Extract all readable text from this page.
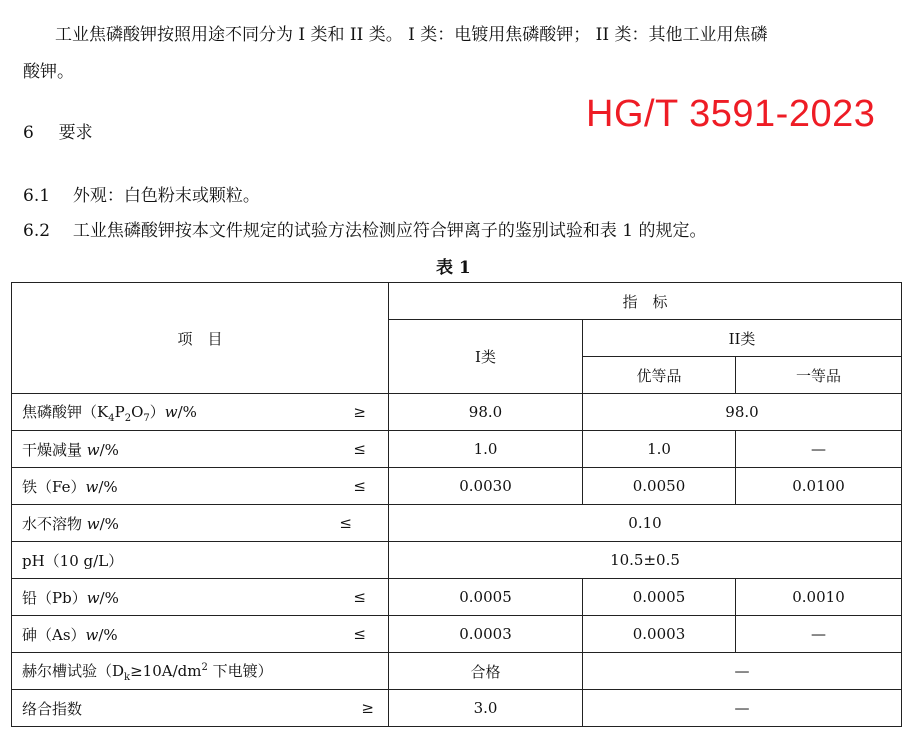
工业焦磷酸钾按照用途不同分为 I 类和 II 类。 I 类：电镀用焦磷酸钾； II 类：其他工业用焦磷
酸钾。
HG/T 3591-2023
6 要求
6.1 外观：白色粉末或颗粒。
6.2 工业焦磷酸钾按本文件规定的试验方法检测应符合钾离子的鉴别试验和表 1 的规定。
表 1
项　目	指　标		
	I类	II类	
		优等品	一等品
焦磷酸钾$(K_4P_2O_7)w/\%$ ≥	98.0	98.0	
干燥减量 w/% ≤	1.0	1.0	—
铁（Fe）w/% ≤	0.0030	0.0050	0.0100
水不溶物 w/% ≤	0.10		
pH（10 g/L）	10.5±0.5		
铅（Pb）w/% ≤	0.0005	0.0005	0.0010
砷（As）w/% ≤	0.0003	0.0003	—
赫尔槽试验（$D_k\ge 10A/dm^2$ 下电镀）	合格	—	
络合指数 ≥	3.0	—	
